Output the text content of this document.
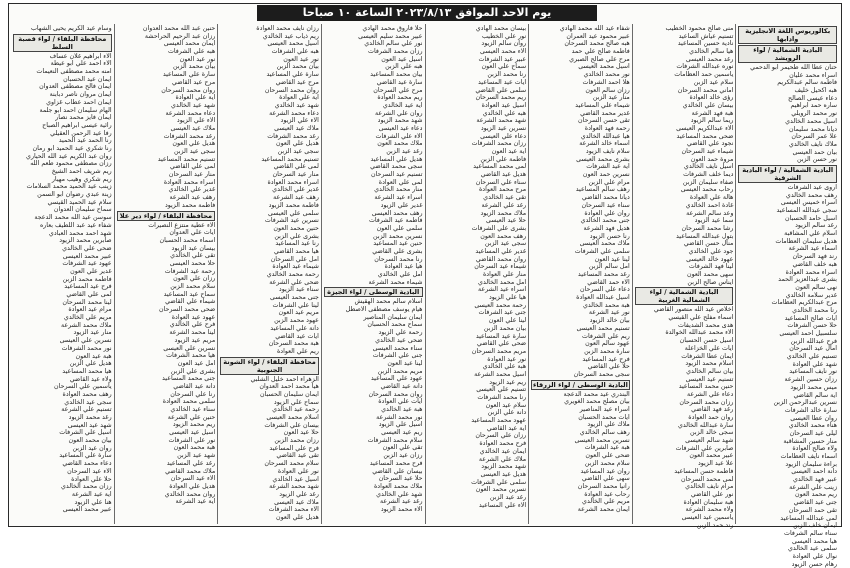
يوم الاحد الموافق ٢٠٢٣/٨/١٣ الساعة ١٠ صباحا
بكالوريوس اللغة الانجليزية وادابها
البادية الشمالية / لواء الرويشد
حنان عطا الله طحيمر ابو الدحمي
اسراء محمد عليان
فاطمة سالم عبدالكريم
هبه اكحيل خليف
دعاء عيسى الصالح
ساره حمد ابراهيم
نور محمد الرويلي
اسيل محمد الخالدي
ديانا محمد سليمان
علا عمر السرحان
ملاك نايف الخالدي
بيان حمد العيسى
نور حسن الزبن
البادية الشمالية / لواء البادية الشرقية
اروى عيد الشرفات
رهف محمد الخالدي
اسراء خميس العيسى
سجى عبدالله المساعيد
اسيل حامد الحسبان
رغد سالم الزيود
اسلام علي المشاقبة
هديل سليمان العظامات
اسماء عيد الشرعة
رند فهد السرحان
هبه خلف القاضي
اسراء محمد العوادة
بشرى عبدالعزيز الحمد
نهى سالم العون
غدير سلامة الخالدي
مرح عبدالكريم العظامات
رنا محمد الخالدي
ايات صالح المساعيد
حلا حسن الشرفات
سلسبيل احمد العيسى
فرح عبدالله الزبن
امال عيد السرحان
تسنيم علي الخالدي
شهد علي العوادة
نور نايف المساعيد
رزان حسين الشرعة
ميس محمد الزيود
اية سالم القاضي
نسرين عبدالرحمن الزبن
سارة خالد الشرفات
روان عطا العيسى
هناء محمد الخالدي
ليلى عيد السرحان
منار حسين المشاقبة
ولاء صالح العوادة
اسماء نايف العظامات
براءة سليمان الزيود
دانة احمد العيسى
عبير فهد الخالدي
زينب علي الشرعة
ريم محمد العون
جنى عيد القاضي
تقى حمد السرحان
لمى عبدالله المساعيد
ايمان خلف الزبن
سناء سالم الشرفات
هيا محمد العيسى
سلمى عيد الخالدي
نوال علي العوادة
رهام حسن الزيود
منى صالح محمود الخطيب
تسنيم عياش الساعيد
نادية حسين المساعيد
هيا سالم الخالدي
رغد محمد العيسى
نوره عبدالله الشرفات
ياسمين حمد العظامات
سلام عيد الزبن
اماني محمد السرحان
رؤى خالد العوادة
بيسان علي الخالدي
هبة فهد الشرعة
ريما سالم الزيود
الاء عبدالكريم العيسى
ضحى محمد المساعيد
نجود علي القاضي
شيماء عيد السرحان
مروة حمد العون
اسيل نايف الخالدي
ديما خلف الشرفات
صفاء سليمان الزبن
رحاب محمد العيسى
هالة علي العوادة
غادة احمد الخالدي
وعد سالم الشرعة
سما عيد الزيود
رشا محمد السرحان
بتول عبدالله المساعيد
منال حسن القاضي
جود علي الخالدي
عهود خالد العيسى
لينا فهد الشرفات
سهى محمد العون
ايناس صالح الزبن
البادية الشمالية / لواء الشمالية الغربية
اخلاص عيد الله منصور القاضي
اسماء مفلح علي القيسي
هدى محمد الشديفات
الاء محمد عبدالله الخوالدة
اسيل حسن الحسبان
ايات علي الخزاعلة
ايمان عطا الشرفات
اسلام محمد الزيود
بيان سالم الخالدي
تسنيم عيد العيسى
حنين محمد المساعيد
دعاء علي الشرعة
رزان محمد السرحان
رغد فهد القاضي
روان حمد العوادة
سارة عبدالله الخالدي
سجى خالد الزبن
شهد سالم العيسى
صابرين علي الشرفات
عبير محمد العون
علا عيد الزيود
فاطمة حسن المساعيد
لمى محمد السرحان
مرام نايف الخالدي
نور علي القاضي
هبة سليمان العوادة
ولاء محمد الشرعة
ياسمين عيد العيسى
رند حمد الزبن
شفاء عيد الله محمد الهادي
عبير محمود عيد العمران
هبه صالح محمد السرحان
فاطمة صالح علي حمد
مرح علي صالح الصبري
اسيل محمد العيسى
نور محمد الخالدي
هلا احمد الشرفات
رزان سالم العون
منار عيد الزبن
شيماء علي المساعيد
غدير محمد القاضي
تقى حسن السرحان
رحمة فهد العوادة
هيا عبدالله الخالدي
اسماء خالد الشرعة
سلام نايف الزيود
بشرى محمد العيسى
اية عيد الشرفات
نسرين حمد العون
مرام علي الزبن
رهف سالم المساعيد
ديانا محمد القاضي
سناء عيد السرحان
روان علي العوادة
جنى محمد الخالدي
هديل فهد الشرعة
رنا حسن الزيود
ملاك محمد العيسى
سلمى علي الشرفات
لينا عيد العون
امل سالم الزبن
رغد محمد المساعيد
الاء حمد القاضي
دعاء علي السرحان
اسيل عبدالله العوادة
هبة محمد الخالدي
نور عيد الشرعة
بيان خالد الزيود
تسنيم محمد العيسى
ريم علي الشرفات
عهود سالم العون
سارة محمد الزبن
فرح عيد المساعيد
حلا علي القاضي
سجى محمد السرحان
البادية الوسطى / لواء الزرقاء
البندري عيد محمد الدعجة
بيان مصلح محمد الغويري
اسراء عيد المناصير
ايات محمد الحسبان
ملاك علي الزيود
رهف سالم الخالدي
نسرين محمد العيسى
هبة عيد الشرفات
ضحى علي العون
سلام محمد الزبن
روان عيد المساعيد
سهى علي القاضي
رانيا محمد السرحان
رحاب عيد العوادة
مريم علي الخالدي
ايمان محمد الشرعة
بيسان محمد الهادي
نور علي الخطيب
روان سالم الزيود
الاء محمد العيسى
عبير عيد الشرفات
سماح علي العون
رنا محمد الزبن
ايات عيد المساعيد
سلمى علي القاضي
ريم محمد السرحان
اسيل عيد العوادة
هبه علي الخالدي
شهد محمد الشرعة
نسرين عيد الزيود
دعاء علي العيسى
رزان محمد الشرفات
اية عيد العون
فاطمة علي الزبن
لمى محمد المساعيد
هديل عيد القاضي
سناء علي السرحان
مرح محمد العوادة
تقى عيد الخالدي
رغد علي الشرعة
ملاك محمد الزيود
حلا عيد العيسى
بشرى علي الشرفات
رهف محمد العون
سجى عيد الزبن
غدير علي المساعيد
روان محمد القاضي
شيماء عيد السرحان
منار علي العوادة
امل محمد الخالدي
اسراء عيد الشرعة
هيا علي الزيود
رحمة محمد العيسى
جنى عيد الشرفات
لينا علي العون
بيان محمد الزبن
سارة عيد المساعيد
ضحى علي القاضي
مريم محمد السرحان
نور عيد العوادة
هبة علي الخالدي
اسيل محمد الشرعة
ريم عيد الزيود
تسنيم علي العيسى
رنا محمد الشرفات
سلام عيد العون
دانة علي الزبن
عهود محمد المساعيد
اية عيد القاضي
رزان علي السرحان
فرح محمد العوادة
ايمان عيد الخالدي
ملاك علي الشرعة
شهد محمد الزيود
هديل عيد العيسى
سلمى علي الشرفات
نسرين محمد العون
رغد عيد الزبن
الاء علي المساعيد
حلا فاروق محمد الهادي
عبير محمد سليم العيسى
نور علي سالم الخالدي
رزان محمد الشرفات
اسيل عيد العون
هبه علي الزبن
بيان محمد المساعيد
سارة عيد القاضي
مرح علي السرحان
ريم محمد العوادة
اية عيد الخالدي
روان علي الشرعة
شهد محمد الزيود
دعاء عيد العيسى
الاء علي الشرفات
ملاك محمد العون
رغد عيد الزبن
هديل علي المساعيد
سجى محمد القاضي
تسنيم عيد السرحان
لمى علي العوادة
منار محمد الخالدي
اسراء عيد الشرعة
غدير علي الزيود
رهف محمد العيسى
فاطمة عيد الشرفات
سلمى علي العون
نسرين محمد الزبن
حنين عيد المساعيد
بشرى علي القاضي
رنا محمد السرحان
هيا عيد العوادة
امل علي الخالدي
شيماء محمد الشرعة
البادية الوسطى / لواء الجيزة
اسلام سالم محمد الهقيش
هيام يوسف مصطفى الاصطل
ايمان سليمان المناصير
سماح محمد الحسبان
رحمة علي الزيود
ضحى عيد الخالدي
سناء محمد العيسى
جنى علي الشرفات
لينا عيد العون
مريم محمد الزبن
عهود علي المساعيد
دانة عيد القاضي
روان محمد السرحان
ايات علي العوادة
هبة عيد الخالدي
نور محمد الشرعة
اسيل علي الزيود
ريم عيد العيسى
سلام محمد الشرفات
تقى علي العون
رزان عيد الزبن
فرح محمد المساعيد
بيسان علي القاضي
حلا عيد السرحان
ملاك محمد العوادة
شهد علي الخالدي
رغد عيد الشرعة
الاء محمد الزيود
رزان نايف محمد العوادة
ريم ذياب عيد الخالدي
اسيل محمد العيسى
هبه علي الشرفات
نور عيد العون
بيان محمد الزبن
سارة علي المساعيد
مرح عيد القاضي
روان محمد السرحان
اية علي العوادة
شهد عيد الخالدي
دعاء محمد الشرعة
الاء علي الزيود
ملاك عيد العيسى
رغد محمد الشرفات
هديل علي العون
سجى عيد الزبن
تسنيم محمد المساعيد
لمى علي القاضي
منار عيد السرحان
اسراء محمد العوادة
غدير علي الخالدي
رهف عيد الشرعة
فاطمة محمد الزيود
سلمى علي العيسى
نسرين عيد الشرفات
حنين محمد العون
بشرى علي الزبن
رنا عيد المساعيد
هيا محمد القاضي
امل علي السرحان
شيماء عيد العوادة
رحمة محمد الخالدي
ضحى علي الشرعة
سناء عيد الزيود
جنى محمد العيسى
لينا علي الشرفات
مريم عيد العون
عهود محمد الزبن
دانة علي المساعيد
ايات عيد القاضي
هبة محمد السرحان
ريم علي العوادة
محافظة البلقاء / لواء الشونة الجنوبية
الزهراء احمد خليل الشلبي
هيا محمد احمد العدوان
ايمان سليمان الحسبان
سماح علي الزيود
رحمة عيد الخالدي
اسلام محمد العيسى
بيسان علي الشرفات
حلا عيد العون
رزان محمد الزبن
فرح علي المساعيد
تقى عيد القاضي
سلام محمد السرحان
نور علي العوادة
اسيل عيد الخالدي
شهد محمد الشرعة
رغد علي الزيود
ملاك عيد العيسى
الاء محمد الشرفات
هديل علي العون
حنين عبد الله محمد العدوان
رزان عبد الرحيم الحراحشة
ايمان محمد العيسى
هبه علي الشرفات
نور عيد العون
بيان محمد الزبن
سارة علي المساعيد
مرح عيد القاضي
روان محمد السرحان
اية علي العوادة
شهد عيد الخالدي
دعاء محمد الشرعة
الاء علي الزيود
ملاك عيد العيسى
رغد محمد الشرفات
هديل علي العون
سجى عيد الزبن
تسنيم محمد المساعيد
لمى علي القاضي
منار عيد السرحان
اسراء محمد العوادة
غدير علي الخالدي
رهف عيد الشرعة
فاطمة محمد الزيود
محافظة البلقاء / لواء دير علا
الاء عطية منتزع النصيرات
ايات علي العدوان
اسماء محمد الحسبان
بيسان عيد الزيود
تقى علي الخالدي
حلا محمد العيسى
رحمة عيد الشرفات
رزان علي العون
سلام محمد الزبن
سماح عيد المساعيد
شيماء علي القاضي
ضحى محمد السرحان
عهود عيد العوادة
فرح علي الخالدي
لينا محمد الشرعة
مريم عيد الزيود
نسرين علي العيسى
هيا محمد الشرفات
امل عيد العون
بشرى علي الزبن
جنى محمد المساعيد
دانة عيد القاضي
رنا علي السرحان
سلمى محمد العوادة
سناء عيد الخالدي
حنين علي الشرعة
ريم محمد الزيود
اسيل عيد العيسى
نور علي الشرفات
هبة محمد العون
شهد عيد الزبن
رغد علي المساعيد
ملاك محمد القاضي
الاء عيد السرحان
هديل علي العوادة
روان محمد الخالدي
اية عيد الشرعة
وسام عيد الكريم يحيى الشهاب
محافظة البلقاء / لواء قصبة السلط
الاء ابراهيم غلان عساف
الاء احمد علي ابو عيطة
امنه محمد مصطفى النعيمات
ايمان عيد الحسبان
ايمان فالح مصطفى العدوان
ايمان مروان ناصر دبابنة
ايمان احمد عطاب غزاوي
الهام سليمان احمد ابو جلمة
ايمان فايز محمد نصار
رائية عيسى ابراهيم الصباح
رفا عيد الرحمن العقيلي
رنا الحمد عيد الحميد
رنا شكري عيد الحميد ابو رمان
روان عبد الكريم عيد الله الحياري
رزان مصطفى محمود طعم الله
ريم شريف احمد الشيخ
ريم شكري وهيب مهيار
زينب عيد الحميد محمد السلامات
زينة عبدي رضوان ابو السمن
سلام عيد الحميد القيسي
سماح سليمان العدوان
سوسن عيد الله محمد الدعجة
شفاء عيد عبد اللطيف بعاره
شهد احمد محمد العبادي
صابرين محمد الزيود
ضحى علي الخالدي
عبير محمد العيسى
عهود عيد الشرفات
غدير علي العون
فاطمة محمد الزبن
فرح عيد المساعيد
لمى علي القاضي
لينا محمد السرحان
مرام عيد العوادة
مريم علي الخالدي
ملاك محمد الشرعة
منار عيد الزيود
نسرين علي العيسى
نور محمد الشرفات
هبة عيد العون
هديل علي الزبن
هيا محمد المساعيد
ولاء عيد القاضي
ياسمين علي السرحان
رهف محمد العوادة
سجى عيد الخالدي
تسنيم علي الشرعة
رغد محمد الزيود
شهد عيد العيسى
اسيل علي الشرفات
بيان محمد العون
روان عيد الزبن
سارة علي المساعيد
دعاء محمد القاضي
الاء عيد السرحان
حلا علي العوادة
رزان محمد الخالدي
اية عيد الشرعة
هنا علي الزيود
عبير محمد العيسى
